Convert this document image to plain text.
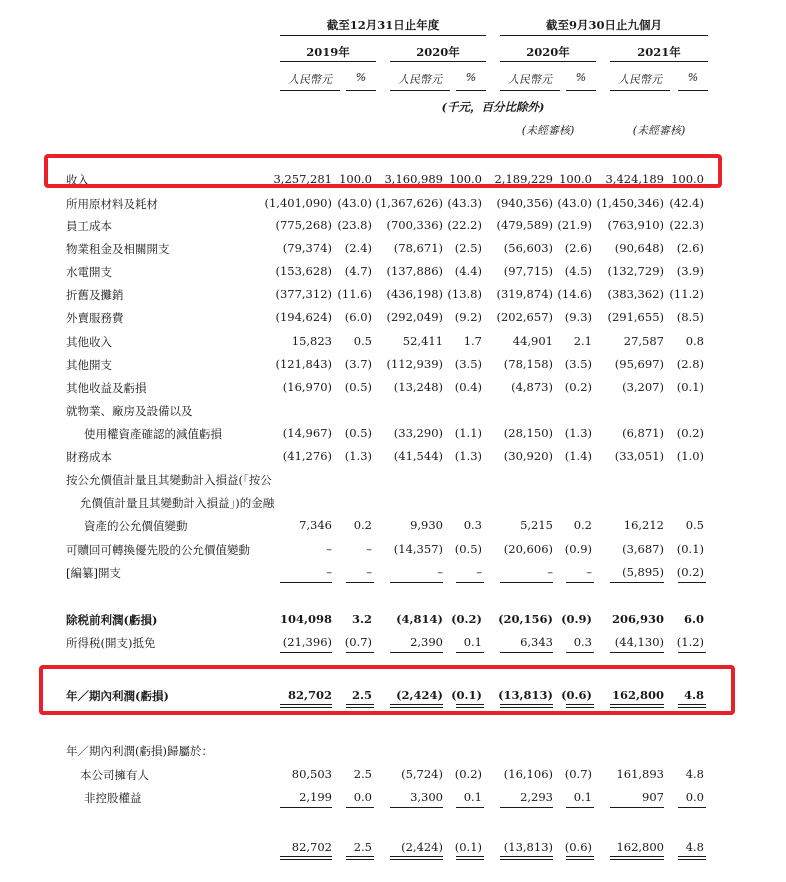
截至12月31日止年度	截至9月30日止九個月
2019年	2020年	2020年	2021年
人民幣元	%	人民幣元	%	人民幣元	%	人民幣元	%
(千元，百分比除外)
(未經審核)	(未經審核)
收入	3,257,281 100.0 3,160,989 100.0 2,189,229 100.0 3,424,189 100.0
所用原材料及耗材	(1,401,090) (43.0) (1,367,626) (43.3) (940,356) (43.0) (1,450,346) (42.4)
員工成本	(775,268) (23.8) (700,336) (22.2) (479,589) (21.9) (763,910) (22.3)
物業租金及相關開支	(79,374) (2.4) (78,671) (2.5) (56,603) (2.6) (90,648) (2.6)
水電開支	(153,628) (4.7) (137,886) (4.4) (97,715) (4.5) (132,729) (3.9)
折舊及攤銷	(377,312) (11.6) (436,198) (13.8) (319,874) (14.6) (383,362) (11.2)
外賣服務費	(194,624) (6.0) (292,049) (9.2) (202,657) (9.3) (291,655) (8.5)
其他收入	15,823 0.5	52,411 1.7	44,901 2.1	27,587 0.8
其他開支	(121,843) (3.7) (112,939) (3.5) (78,158) (3.5) (95,697) (2.8)
其他收益及虧損	(16,970) (0.5) (13,248) (0.4)	(4,873) (0.2)	(3,207) (0.1)
就物業、廠房及設備以及
使用權資產確認的減值虧損	(14,967) (0.5) (33,290) (1.1) (28,150) (1.3)	(6,871) (0.2)
財務成本	(41,276) (1.3) (41,544) (1.3) (30,920) (1.4) (33,051) (1.0)
按公允價值計量且其變動計入損益(「按公
允價值計量且其變動計入損益」)的金融
資產的公允價值變動	7,346 0.2	9,930 0.3	5,215 0.2	16,212 0.5
可贖回可轉換優先股的公允價值變動	–	– (14,357) (0.5) (20,606) (0.9)	(3,687) (0.1)
[編纂]開支	–	–	–	–	–	–	(5,895) (0.2)
除税前利潤(虧損)	104,098 3.2 (4,814) (0.2) (20,156) (0.9) 206,930 6.0
所得税(開支)抵免	(21,396) (0.7)	2,390 0.1	6,343 0.3 (44,130) (1.2)
年／期內利潤(虧損)	82,702 2.5 (2,424) (0.1) (13,813) (0.6) 162,800 4.8
年／期內利潤(虧損)歸屬於：
本公司擁有人	80,503 2.5	(5,724) (0.2) (16,106) (0.7) 161,893 4.8
非控股權益	2,199 0.0	3,300 0.1	2,293 0.1	907 0.0
82,702 2.5	(2,424) (0.1) (13,813) (0.6) 162,800 4.8
